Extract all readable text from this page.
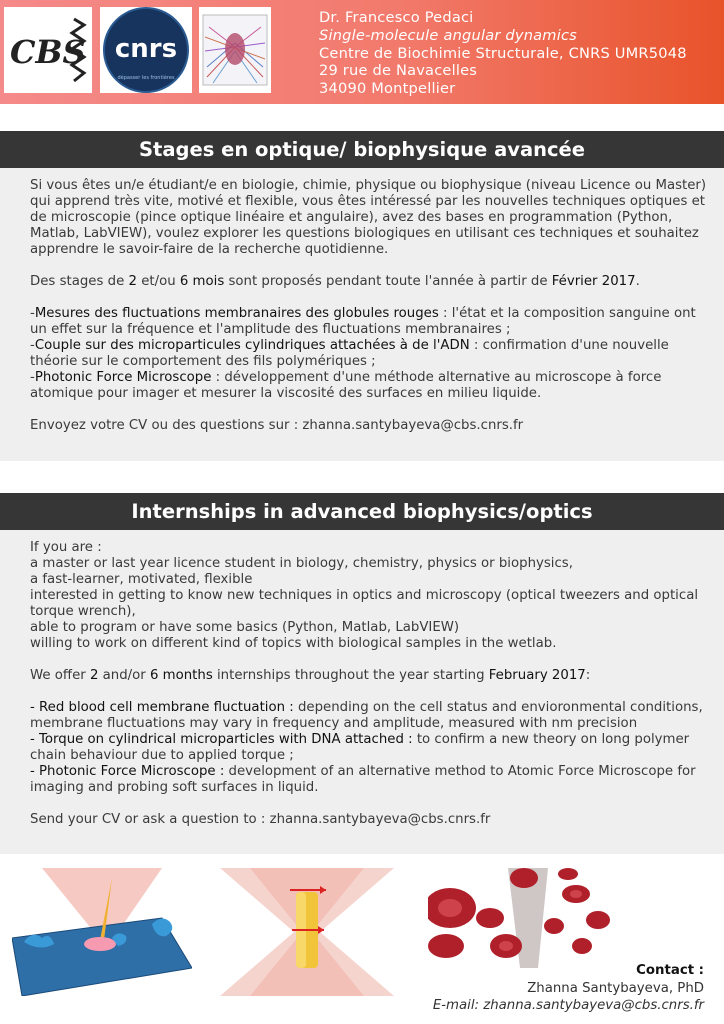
CBS cnrs
dépasser les frontières
Dr. Francesco Pedaci
Single-molecule angular dynamics
Centre de Biochimie Structurale, CNRS UMR5048
29 rue de Navacelles
34090 Montpellier
Stages en optique/ biophysique avancée

Si vous êtes un/e étudiant/e en biologie, chimie, physique ou biophysique (niveau Licence ou Master) qui apprend très vite, motivé et flexible, vous êtes intéressé par les nouvelles techniques optiques et de microscopie (pince optique linéaire et angulaire), avez des bases en programmation (Python, Matlab, LabVIEW), voulez explorer les questions biologiques en utilisant ces techniques et souhaitez apprendre le savoir-faire de la recherche quotidienne.

Des stages de 2 et/ou 6 mois sont proposés pendant toute l'année à partir de Février 2017.

-Mesures des fluctuations membranaires des globules rouges : l'état et la composition sanguine ont un effet sur la fréquence et l'amplitude des fluctuations membranaires ;

-Couple sur des microparticules cylindriques attachées à de l'ADN : confirmation d'une nouvelle théorie sur le comportement des fils polymériques ;

-Photonic Force Microscope : développement d'une méthode alternative au microscope à force atomique pour imager et mesurer la viscosité des surfaces en milieu liquide.

Envoyez votre CV ou des questions sur : zhanna.santybayeva@cbs.cnrs.fr

Internships in advanced biophysics/optics

If you are :

a master or last year licence student in biology, chemistry, physics or biophysics,

a fast-learner, motivated, flexible

interested in getting to know new techniques in optics and microscopy (optical tweezers and optical torque wrench),

able to program or have some basics (Python, Matlab, LabVIEW)

willing to work on different kind of topics with biological samples in the wetlab.

We offer 2 and/or 6 months internships throughout the year starting February 2017:

- Red blood cell membrane fluctuation : depending on the cell status and envioronmental conditions, membrane fluctuations may vary in frequency and amplitude, measured with nm precision

- Torque on cylindrical microparticles with DNA attached : to confirm a new theory on long polymer chain behaviour due to applied torque ;

- Photonic Force Microscope : development of an alternative method to Atomic Force Microscope for imaging and probing soft surfaces in liquid.

Send your CV or ask a question to : zhanna.santybayeva@cbs.cnrs.fr

Contact :
Zhanna Santybayeva, PhD
E-mail: zhanna.santybayeva@cbs.cnrs.fr
